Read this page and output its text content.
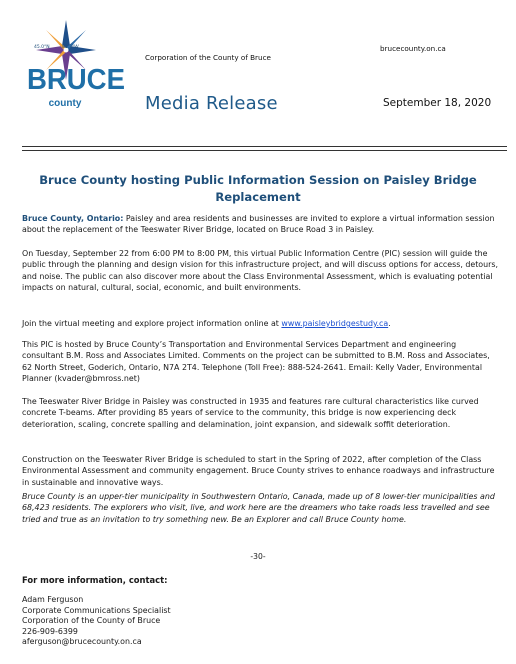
45.0°N	81.3°W
BRUCE
county
Corporation of the County of Bruce
brucecounty.on.ca
Media Release	September 18, 2020
Bruce County hosting Public Information Session on Paisley Bridge Replacement
Bruce County, Ontario: Paisley and area residents and businesses are invited to explore a virtual information session about the replacement of the Teeswater River Bridge, located on Bruce Road 3 in Paisley.
On Tuesday, September 22 from 6:00 PM to 8:00 PM, this virtual Public Information Centre (PIC) session will guide the public through the planning and design vision for this infrastructure project, and will discuss options for access, detours, and noise. The public can also discover more about the Class Environmental Assessment, which is evaluating potential impacts on natural, cultural, social, economic, and built environments.
Join the virtual meeting and explore project information online at www.paisleybridgestudy.ca.
This PIC is hosted by Bruce County’s Transportation and Environmental Services Department and engineering consultant B.M. Ross and Associates Limited. Comments on the project can be submitted to B.M. Ross and Associates, 62 North Street, Goderich, Ontario, N7A 2T4. Telephone (Toll Free): 888-524-2641. Email: Kelly Vader, Environmental Planner (kvader@bmross.net)
The Teeswater River Bridge in Paisley was constructed in 1935 and features rare cultural characteristics like curved concrete T-beams. After providing 85 years of service to the community, this bridge is now experiencing deck deterioration, scaling, concrete spalling and delamination, joint expansion, and sidewalk soffit deterioration.
Construction on the Teeswater River Bridge is scheduled to start in the Spring of 2022, after completion of the Class Environmental Assessment and community engagement. Bruce County strives to enhance roadways and infrastructure in sustainable and innovative ways.
Bruce County is an upper-tier municipality in Southwestern Ontario, Canada, made up of 8 lower-tier municipalities and 68,423 residents. The explorers who visit, live, and work here are the dreamers who take roads less travelled and see tried and true as an invitation to try something new. Be an Explorer and call Bruce County home.
-30-
For more information, contact:
Adam Ferguson
Corporate Communications Specialist
Corporation of the County of Bruce
226-909-6399
aferguson@brucecounty.on.ca
